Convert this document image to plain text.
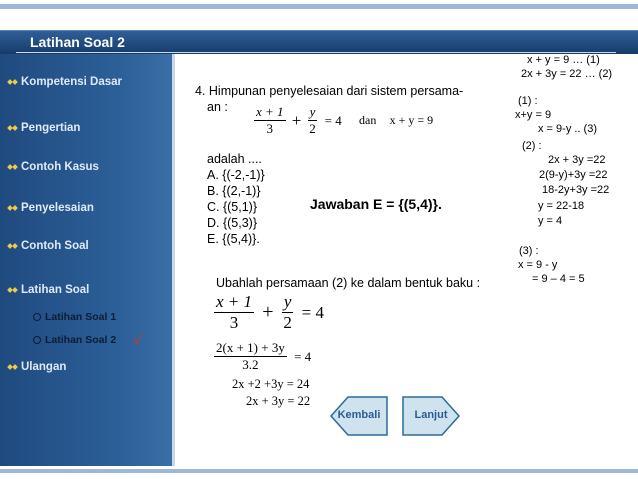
Latihan Soal 2
Kompetensi Dasar
Pengertian
Contoh Kasus
Penyelesaian
Contoh Soal
Latihan Soal
Latihan Soal 1
Latihan Soal 2 √
Ulangan
4. Himpunan penyelesaian dari sistem persama-
an : $\frac{x + 1}{3} + \frac{y}{2} = 4$ dan x + y = 9
adalah ....
A. {(-2,-1)}
B. {(2,-1)}
C. {(5,1)}
D. {(5,3)}
E. {(5,4)}.
Jawaban E = {(5,4)}.
Ubahlah persamaan (2) ke dalam bentuk baku :
$\frac{x + 1}{3} + \frac{y}{2} = 4$
$\frac{2(x + 1) + 3y}{3.2} = 4$
2x +2 +3y = 24
2x + 3y = 22
x + y = 9 … (1)
2x + 3y = 22 … (2)
(1) :
x+y = 9
x = 9-y .. (3)
(2) :
2x + 3y =22
2(9-y)+3y =22
18-2y+3y =22
y = 22-18
y = 4
(3) :
x = 9 - y
= 9 – 4 = 5
Kembali	Lanjut
